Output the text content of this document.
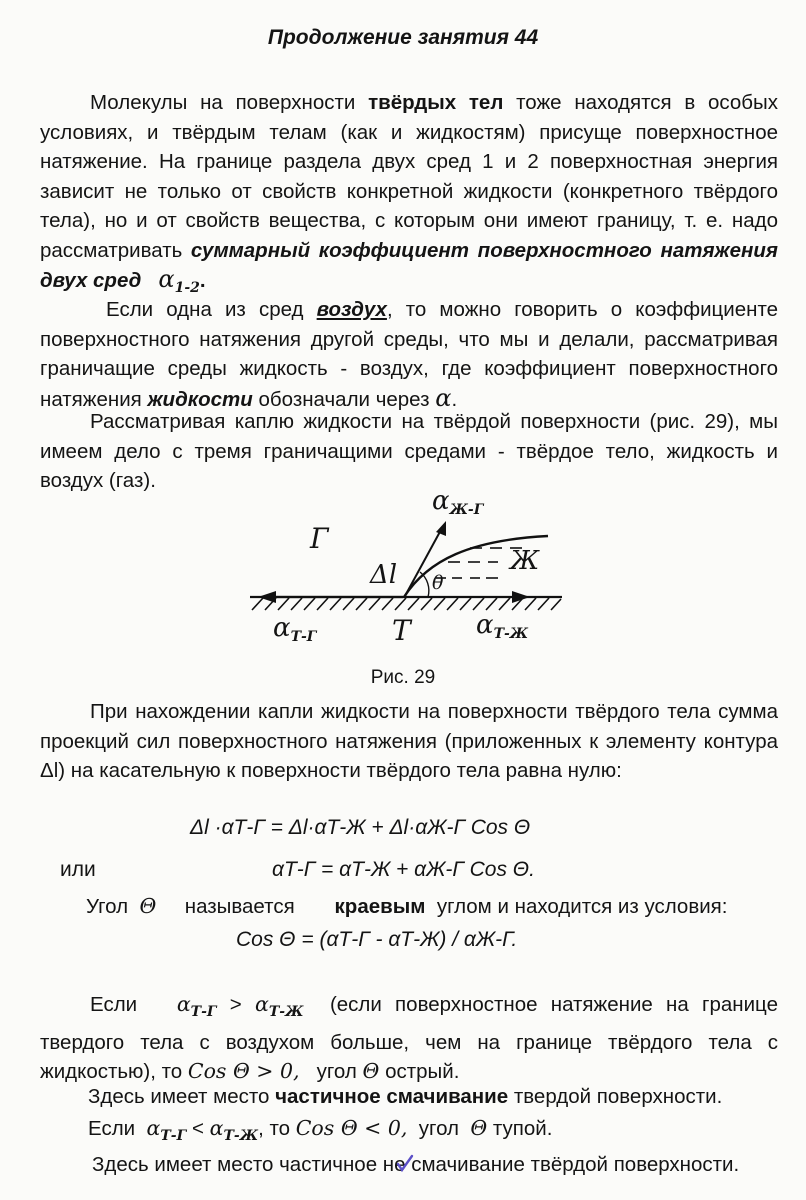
Продолжение занятия 44

Молекулы на поверхности твёрдых тел тоже находятся в особых условиях, и твёрдым телам (как и жидкостям) присуще поверхностное натяжение. На границе раздела двух сред 1 и 2 поверхностная энергия зависит не только от свойств конкретной жидкости (конкретного твёрдого тела), но и от свойств вещества, с которым они имеют границу, т. е. надо рассматривать суммарный коэффициент поверхностного натяжения двух сред $\alpha_{1-2}$.

Если одна из сред воздух, то можно говорить о коэффициенте поверхностного натяжения другой среды, что мы и делали, рассматривая граничащие среды жидкость - воздух, где коэффициент поверхностного натяжения жидкости обозначали через α.

Рассматривая каплю жидкости на твёрдой поверхности (рис. 29), мы имеем дело с тремя граничащими средами - твёрдое тело, жидкость и воздух (газ).

Г
Ж
Т
Δl θ
αЖ-Г
αТ-Г	αТ-Ж
Рис. 29

При нахождении капли жидкости на поверхности твёрдого тела сумма проекций сил поверхностного натяжения (приложенных к элементу контура Δl) на касательную к поверхности твёрдого тела равна нулю:

Δl ·αТ-Г = Δl·αТ-Ж + Δl·αЖ-Г Cos Θ
или	αТ-Г = αТ-Ж + αЖ-Г Cos Θ.
Угол Θ называется краевым углом и находится из условия:
Cos Θ = (αТ-Г - αТ-Ж) / αЖ-Г.

Если $\alpha_{Т-Г} > \alpha_{Т-Ж}$ (если поверхностное натяжение на границе твердого тела с воздухом больше, чем на границе твёрдого тела с жидкостью), то Cos Θ > 0, угол Θ острый.

Здесь имеет место частичное смачивание твердой поверхности.
Если $\alpha_{Т-Г} < \alpha_{Т-Ж}$, то Cos Θ < 0, угол Θ тупой.
Здесь имеет место частичное не смачивание твёрдой поверхности.
